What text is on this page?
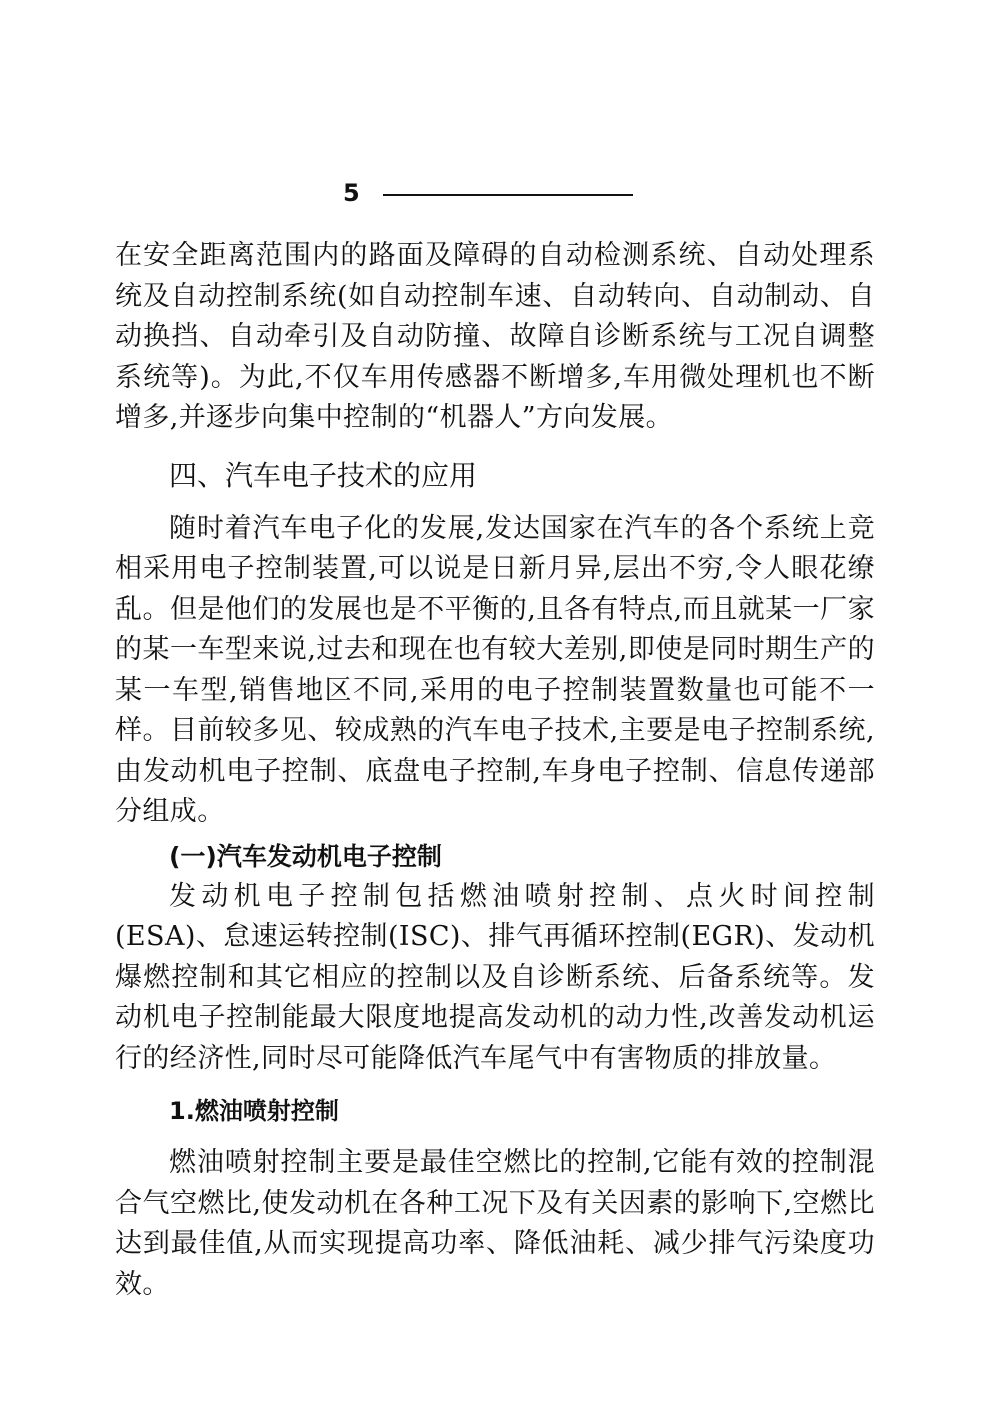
5

在安全距离范围内的路面及障碍的自动检测系统、自动处理系统及自动控制系统(如自动控制车速、自动转向、自动制动、自动换挡、自动牵引及自动防撞、故障自诊断系统与工况自调整系统等)。为此,不仅车用传感器不断增多,车用微处理机也不断增多,并逐步向集中控制的“机器人”方向发展。

四、汽车电子技术的应用

随时着汽车电子化的发展,发达国家在汽车的各个系统上竞相采用电子控制装置,可以说是日新月异,层出不穷,令人眼花缭乱。但是他们的发展也是不平衡的,且各有特点,而且就某一厂家的某一车型来说,过去和现在也有较大差别,即使是同时期生产的某一车型,销售地区不同,采用的电子控制装置数量也可能不一样。目前较多见、较成熟的汽车电子技术,主要是电子控制系统,由发动机电子控制、底盘电子控制,车身电子控制、信息传递部分组成。

(一)汽车发动机电子控制

发动机电子控制包括燃油喷射控制、点火时间控制(ESA)、怠速运转控制(ISC)、排气再循环控制(EGR)、发动机爆燃控制和其它相应的控制以及自诊断系统、后备系统等。发动机电子控制能最大限度地提高发动机的动力性,改善发动机运行的经济性,同时尽可能降低汽车尾气中有害物质的排放量。

1.燃油喷射控制

燃油喷射控制主要是最佳空燃比的控制,它能有效的控制混合气空燃比,使发动机在各种工况下及有关因素的影响下,空燃比达到最佳值,从而实现提高功率、降低油耗、减少排气污染度功效。
